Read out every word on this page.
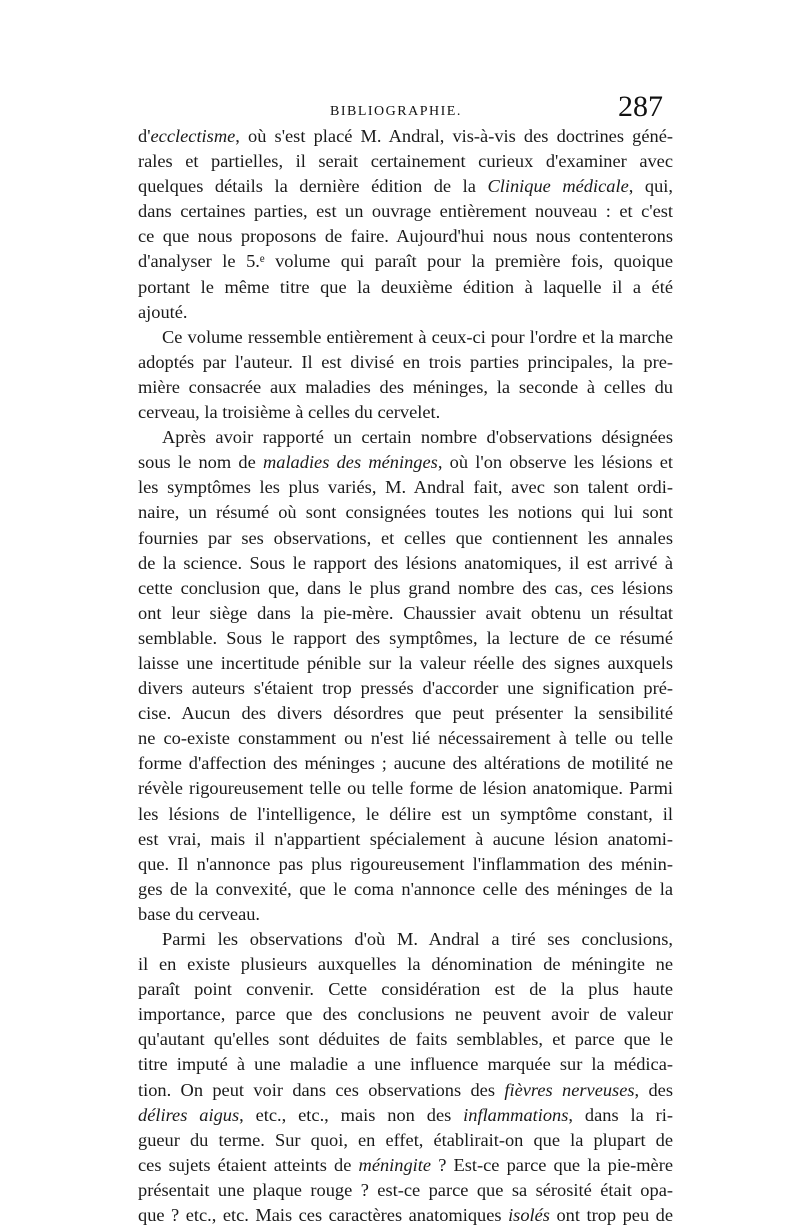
BIBLIOGRAPHIE.	287
d'ecclectisme, où s'est placé M. Andral, vis-à-vis des doctrines géné-
rales et partielles, il serait certainement curieux d'examiner avec
quelques détails la dernière édition de la Clinique médicale, qui,
dans certaines parties, est un ouvrage entièrement nouveau : et c'est
ce que nous proposons de faire. Aujourd'hui nous nous contenterons
d'analyser le 5.ᵉ volume qui paraît pour la première fois, quoique
portant le même titre que la deuxième édition à laquelle il a été
ajouté.
Ce volume ressemble entièrement à ceux-ci pour l'ordre et la marche
adoptés par l'auteur. Il est divisé en trois parties principales, la pre-
mière consacrée aux maladies des méninges, la seconde à celles du
cerveau, la troisième à celles du cervelet.
Après avoir rapporté un certain nombre d'observations désignées
sous le nom de maladies des méninges, où l'on observe les lésions et
les symptômes les plus variés, M. Andral fait, avec son talent ordi-
naire, un résumé où sont consignées toutes les notions qui lui sont
fournies par ses observations, et celles que contiennent les annales
de la science. Sous le rapport des lésions anatomiques, il est arrivé à
cette conclusion que, dans le plus grand nombre des cas, ces lésions
ont leur siège dans la pie-mère. Chaussier avait obtenu un résultat
semblable. Sous le rapport des symptômes, la lecture de ce résumé
laisse une incertitude pénible sur la valeur réelle des signes auxquels
divers auteurs s'étaient trop pressés d'accorder une signification pré-
cise. Aucun des divers désordres que peut présenter la sensibilité
ne co-existe constamment ou n'est lié nécessairement à telle ou telle
forme d'affection des méninges ; aucune des altérations de motilité ne
révèle rigoureusement telle ou telle forme de lésion anatomique. Parmi
les lésions de l'intelligence, le délire est un symptôme constant, il
est vrai, mais il n'appartient spécialement à aucune lésion anatomi-
que. Il n'annonce pas plus rigoureusement l'inflammation des ménin-
ges de la convexité, que le coma n'annonce celle des méninges de la
base du cerveau.
Parmi les observations d'où M. Andral a tiré ses conclusions,
il en existe plusieurs auxquelles la dénomination de méningite ne
paraît point convenir. Cette considération est de la plus haute
importance, parce que des conclusions ne peuvent avoir de valeur
qu'autant qu'elles sont déduites de faits semblables, et parce que le
titre imputé à une maladie a une influence marquée sur la médica-
tion. On peut voir dans ces observations des fièvres nerveuses, des
délires aigus, etc., etc., mais non des inflammations, dans la ri-
gueur du terme. Sur quoi, en effet, établirait-on que la plupart de
ces sujets étaient atteints de méningite ? Est-ce parce que la pie-mère
présentait une plaque rouge ? est-ce parce que sa sérosité était opa-
que ? etc., etc. Mais ces caractères anatomiques isolés ont trop peu de
